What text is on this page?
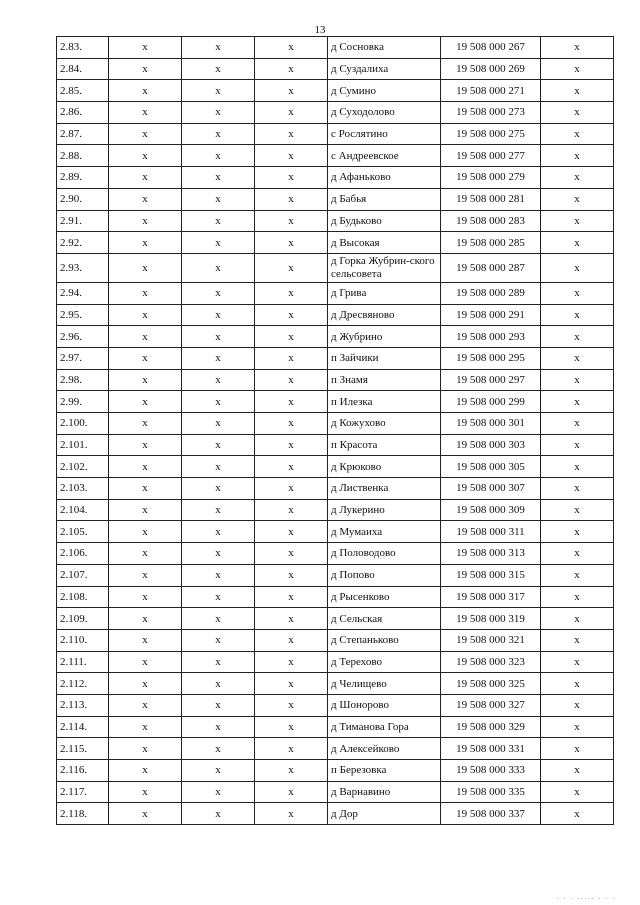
13
2.83.	x	x	x	д Сосновка	19 508 000 267	x
2.84.	x	x	x	д Суздалиха	19 508 000 269	x
2.85.	x	x	x	д Сумино	19 508 000 271	x
2.86.	x	x	x	д Суходолово	19 508 000 273	x
2.87.	x	x	x	с Рослятино	19 508 000 275	x
2.88.	x	x	x	с Андреевское	19 508 000 277	x
2.89.	x	x	x	д Афаньково	19 508 000 279	x
2.90.	x	x	x	д Бабья	19 508 000 281	x
2.91.	x	x	x	д Будьково	19 508 000 283	x
2.92.	x	x	x	д Высокая	19 508 000 285	x
2.93.	x	x	x	д Горка Жубрин-ского сельсовета	19 508 000 287	x
2.94.	x	x	x	д Грива	19 508 000 289	x
2.95.	x	x	x	д Дресвяново	19 508 000 291	x
2.96.	x	x	x	д Жубрино	19 508 000 293	x
2.97.	x	x	x	п Зайчики	19 508 000 295	x
2.98.	x	x	x	п Знамя	19 508 000 297	x
2.99.	x	x	x	п Илезка	19 508 000 299	x
2.100.	x	x	x	д Кожухово	19 508 000 301	x
2.101.	x	x	x	п Красота	19 508 000 303	x
2.102.	x	x	x	д Крюково	19 508 000 305	x
2.103.	x	x	x	д Лиственка	19 508 000 307	x
2.104.	x	x	x	д Лукерино	19 508 000 309	x
2.105.	x	x	x	д Мумаиха	19 508 000 311	x
2.106.	x	x	x	д Половодово	19 508 000 313	x
2.107.	x	x	x	д Попово	19 508 000 315	x
2.108.	x	x	x	д Рысенково	19 508 000 317	x
2.109.	x	x	x	д Сельская	19 508 000 319	x
2.110.	x	x	x	д Степаньково	19 508 000 321	x
2.111.	x	x	x	д Терехово	19 508 000 323	x
2.112.	x	x	x	д Челищево	19 508 000 325	x
2.113.	x	x	x	д Шонорово	19 508 000 327	x
2.114.	x	x	x	д Тиманова Гора	19 508 000 329	x
2.115.	x	x	x	д Алексейково	19 508 000 331	x
2.116.	x	x	x	п Березовка	19 508 000 333	x
2.117.	x	x	x	д Варнавино	19 508 000 335	x
2.118.	x	x	x	д Дор	19 508 000 337	x
. . . ..... . . .
